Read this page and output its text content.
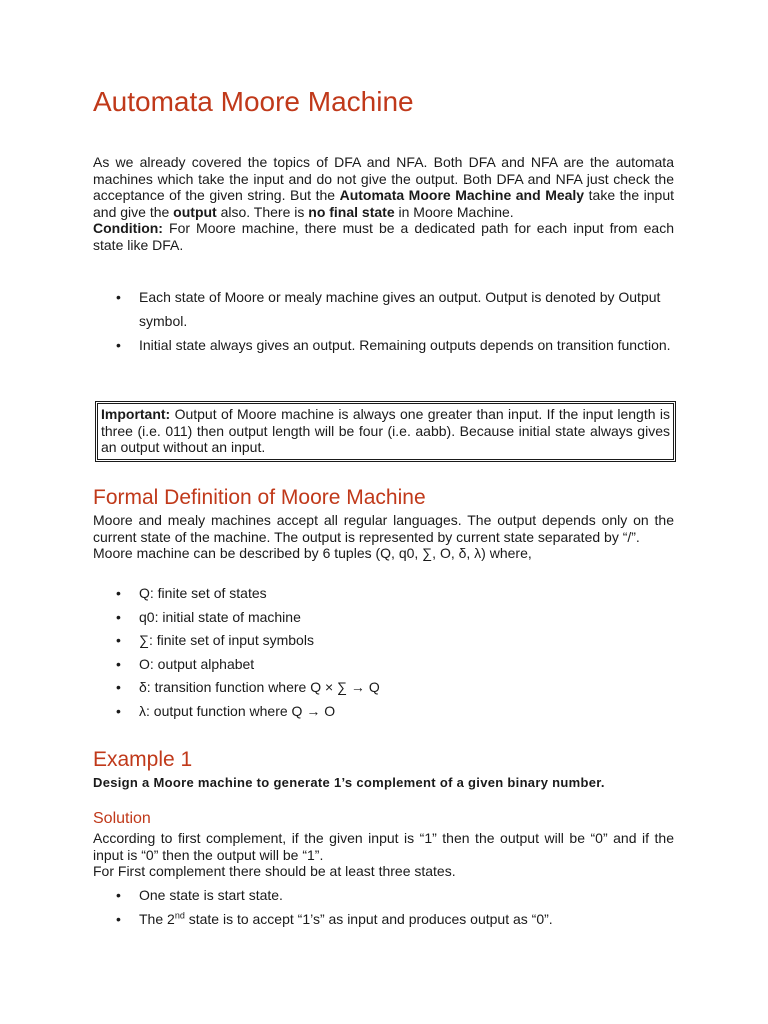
Automata Moore Machine

As we already covered the topics of DFA and NFA. Both DFA and NFA are the automata machines which take the input and do not give the output. Both DFA and NFA just check the acceptance of the given string. But the Automata Moore Machine and Mealy take the input and give the output also. There is no final state in Moore Machine.
Condition: For Moore machine, there must be a dedicated path for each input from each state like DFA.

• Each state of Moore or mealy machine gives an output. Output is denoted by Output symbol.
• Initial state always gives an output. Remaining outputs depends on transition function.
Important: Output of Moore machine is always one greater than input. If the input length is three (i.e. 011) then output length will be four (i.e. aabb). Because initial state always gives an output without an input.
Formal Definition of Moore Machine

Moore and mealy machines accept all regular languages. The output depends only on the current state of the machine. The output is represented by current state separated by “/”.
Moore machine can be described by 6 tuples (Q, q0, ∑, O, δ, λ) where,

• Q: finite set of states
• q0: initial state of machine
• ∑: finite set of input symbols
• O: output alphabet
• δ: transition function where Q × ∑ → Q
• λ: output function where Q → O
Example 1

Design a Moore machine to generate 1’s complement of a given binary number.

Solution

According to first complement, if the given input is “1” then the output will be “0” and if the input is “0” then the output will be “1”.
For First complement there should be at least three states.

• One state is start state.
• The 2nd state is to accept “1’s” as input and produces output as “0”.
